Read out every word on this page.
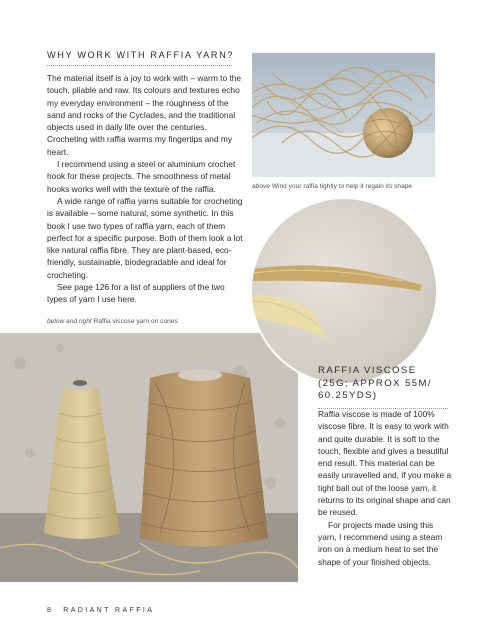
WHY WORK WITH RAFFIA YARN?

The material itself is a joy to work with – warm to the touch, pliable and raw. Its colours and textures echo my everyday environment – the roughness of the sand and rocks of the Cyclades, and the traditional objects used in daily life over the centuries. Crocheting with raffia warms my fingertips and my heart.

I recommend using a steel or aluminium crochet hook for these projects. The smoothness of metal hooks works well with the texture of the raffia.

A wide range of raffia yarns suitable for crocheting is available – some natural, some synthetic. In this book I use two types of raffia yarn, each of them perfect for a specific purpose. Both of them look a lot like natural raffia fibre. They are plant-based, eco-friendly, sustainable, biodegradable and ideal for crocheting.

See page 126 for a list of suppliers of the two types of yarn I use here.

above Wind your raffia tightly to help it regain its shape
below and right Raffia viscose yarn on cones
RAFFIA VISCOSE (25G; APPROX 55M/ 60.25YDS)

Raffia viscose is made of 100% viscose fibre. It is easy to work with and quite durable. It is soft to the touch, flexible and gives a beautiful end result. This material can be easily unravelled and, if you make a tight ball out of the loose yarn, it returns to its original shape and can be reused.

For projects made using this yarn, I recommend using a steam iron on a medium heat to set the shape of your finished objects.

8 RADIANT RAFFIA
